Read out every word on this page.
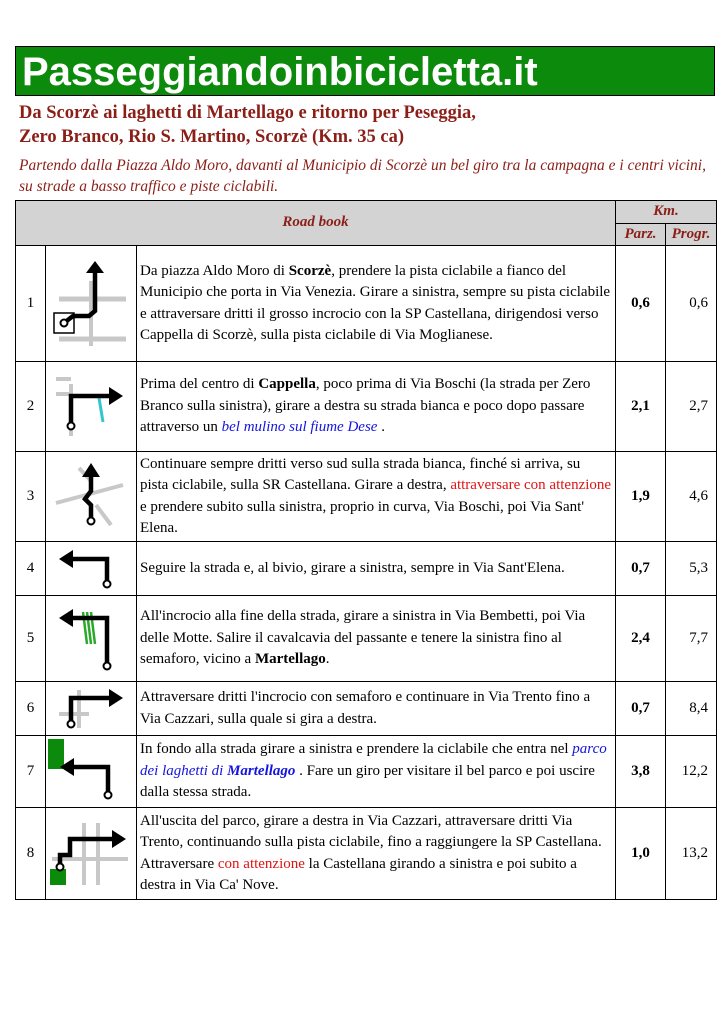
Passeggiandoinbicicletta.it
Da Scorzè ai laghetti di Martellago e ritorno per Peseggia,
Zero Branco, Rio S. Martino, Scorzè (Km. 35 ca)
Partendo dalla Piazza Aldo Moro, davanti al Municipio di Scorzè un bel giro tra la campagna e i centri vicini, su strade a basso traffico e piste ciclabili.
Road book			Km.	
			Parz.	Progr.
1		Da piazza Aldo Moro di Scorzè, prendere la pista ciclabile a fianco del Municipio che porta in Via Venezia. Girare a sinistra, sempre su pista ciclabile e attraversare dritti il grosso incrocio con la SP Castellana, dirigendosi verso Cappella di Scorzè, sulla pista ciclabile di Via Moglianese.	0,6	0,6
2		Prima del centro di Cappella, poco prima di Via Boschi (la strada per Zero Branco sulla sinistra), girare a destra su strada bianca e poco dopo passare attraverso un bel mulino sul fiume Dese .	2,1	2,7
3		Continuare sempre dritti verso sud sulla strada bianca, finché si arriva, su pista ciclabile, sulla SR Castellana. Girare a destra, attraversare con attenzione e prendere subito sulla sinistra, proprio in curva, Via Boschi, poi Via Sant' Elena.	1,9	4,6
4		Seguire la strada e, al bivio, girare a sinistra, sempre in Via Sant'Elena.	0,7	5,3
5		All'incrocio alla fine della strada, girare a sinistra in Via Bembetti, poi Via delle Motte. Salire il cavalcavia del passante e tenere la sinistra fino al semaforo, vicino a Martellago.	2,4	7,7
6		Attraversare dritti l'incrocio con semaforo e continuare in Via Trento fino a Via Cazzari, sulla quale si gira a destra.	0,7	8,4
7		In fondo alla strada girare a sinistra e prendere la ciclabile che entra nel parco dei laghetti di Martellago . Fare un giro per visitare il bel parco e poi uscire dalla stessa strada.	3,8	12,2
8		All'uscita del parco, girare a destra in Via Cazzari, attraversare dritti Via Trento, continuando sulla pista ciclabile, fino a raggiungere la SP Castellana. Attraversare con attenzione la Castellana girando a sinistra e poi subito a destra in Via Ca' Nove.	1,0	13,2
